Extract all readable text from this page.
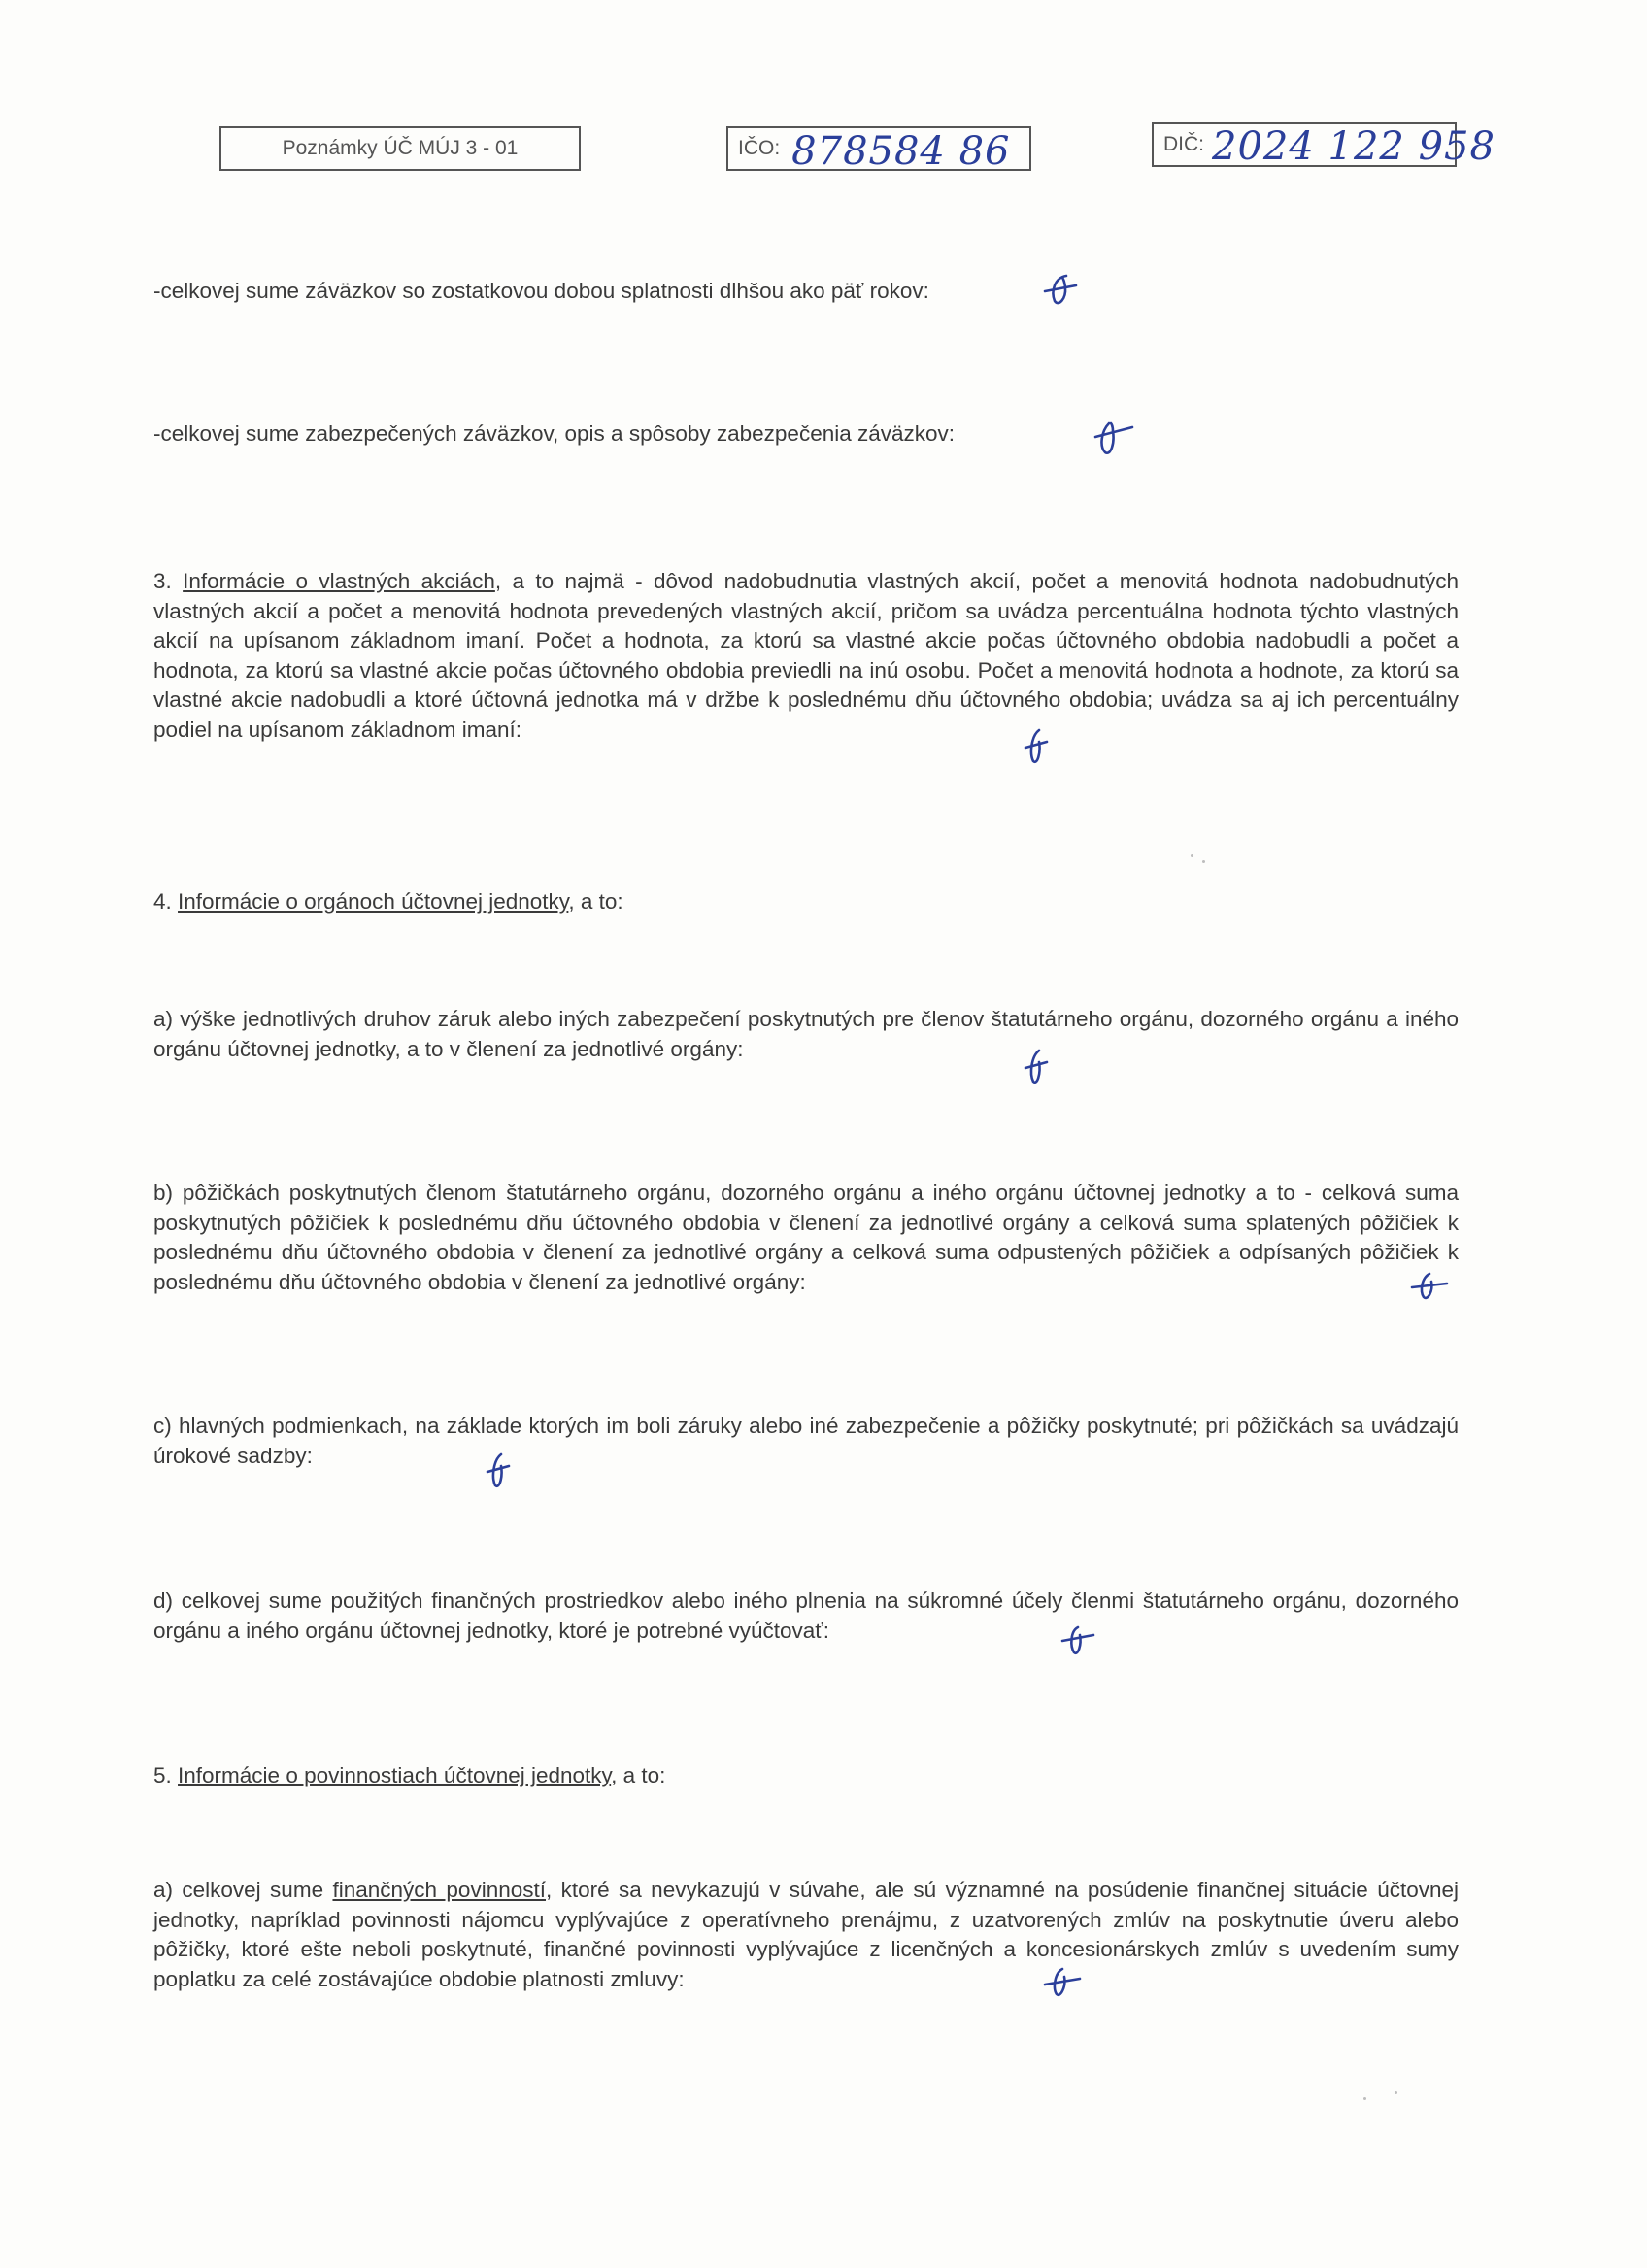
Poznámky ÚČ MÚJ 3 - 01	IČO: 878584 86	DIČ: 2024 122 958

-celkovej sume záväzkov so zostatkovou dobou splatnosti dlhšou ako päť rokov:

-celkovej sume zabezpečených záväzkov, opis a spôsoby zabezpečenia záväzkov:

3. Informácie o vlastných akciách, a to najmä - dôvod nadobudnutia vlastných akcií, počet a menovitá hodnota nadobudnutých vlastných akcií a počet a menovitá hodnota prevedených vlastných akcií, pričom sa uvádza percentuálna hodnota týchto vlastných akcií na upísanom základnom imaní. Počet a hodnota, za ktorú sa vlastné akcie počas účtovného obdobia nadobudli a počet a hodnota, za ktorú sa vlastné akcie počas účtovného obdobia previedli na inú osobu. Počet a menovitá hodnota a hodnote, za ktorú sa vlastné akcie nadobudli a ktoré účtovná jednotka má v držbe k poslednému dňu účtovného obdobia; uvádza sa aj ich percentuálny podiel na upísanom základnom imaní:

4. Informácie o orgánoch účtovnej jednotky, a to:

a) výške jednotlivých druhov záruk alebo iných zabezpečení poskytnutých pre členov štatutárneho orgánu, dozorného orgánu a iného orgánu účtovnej jednotky, a to v členení za jednotlivé orgány:

b) pôžičkách poskytnutých členom štatutárneho orgánu, dozorného orgánu a iného orgánu účtovnej jednotky a to - celková suma poskytnutých pôžičiek k poslednému dňu účtovného obdobia v členení za jednotlivé orgány a celková suma splatených pôžičiek k poslednému dňu účtovného obdobia v členení za jednotlivé orgány a celková suma odpustených pôžičiek a odpísaných pôžičiek k poslednému dňu účtovného obdobia v členení za jednotlivé orgány:

c) hlavných podmienkach, na základe ktorých im boli záruky alebo iné zabezpečenie a pôžičky poskytnuté; pri pôžičkách sa uvádzajú úrokové sadzby:

d) celkovej sume použitých finančných prostriedkov alebo iného plnenia na súkromné účely členmi štatutárneho orgánu, dozorného orgánu a iného orgánu účtovnej jednotky, ktoré je potrebné vyúčtovať:

5. Informácie o povinnostiach účtovnej jednotky, a to:

a) celkovej sume finančných povinností, ktoré sa nevykazujú v súvahe, ale sú významné na posúdenie finančnej situácie účtovnej jednotky, napríklad povinnosti nájomcu vyplývajúce z operatívneho prenájmu, z uzatvorených zmlúv na poskytnutie úveru alebo pôžičky, ktoré ešte neboli poskytnuté, finančné povinnosti vyplývajúce z licenčných a koncesionárskych zmlúv s uvedením sumy poplatku za celé zostávajúce obdobie platnosti zmluvy:
